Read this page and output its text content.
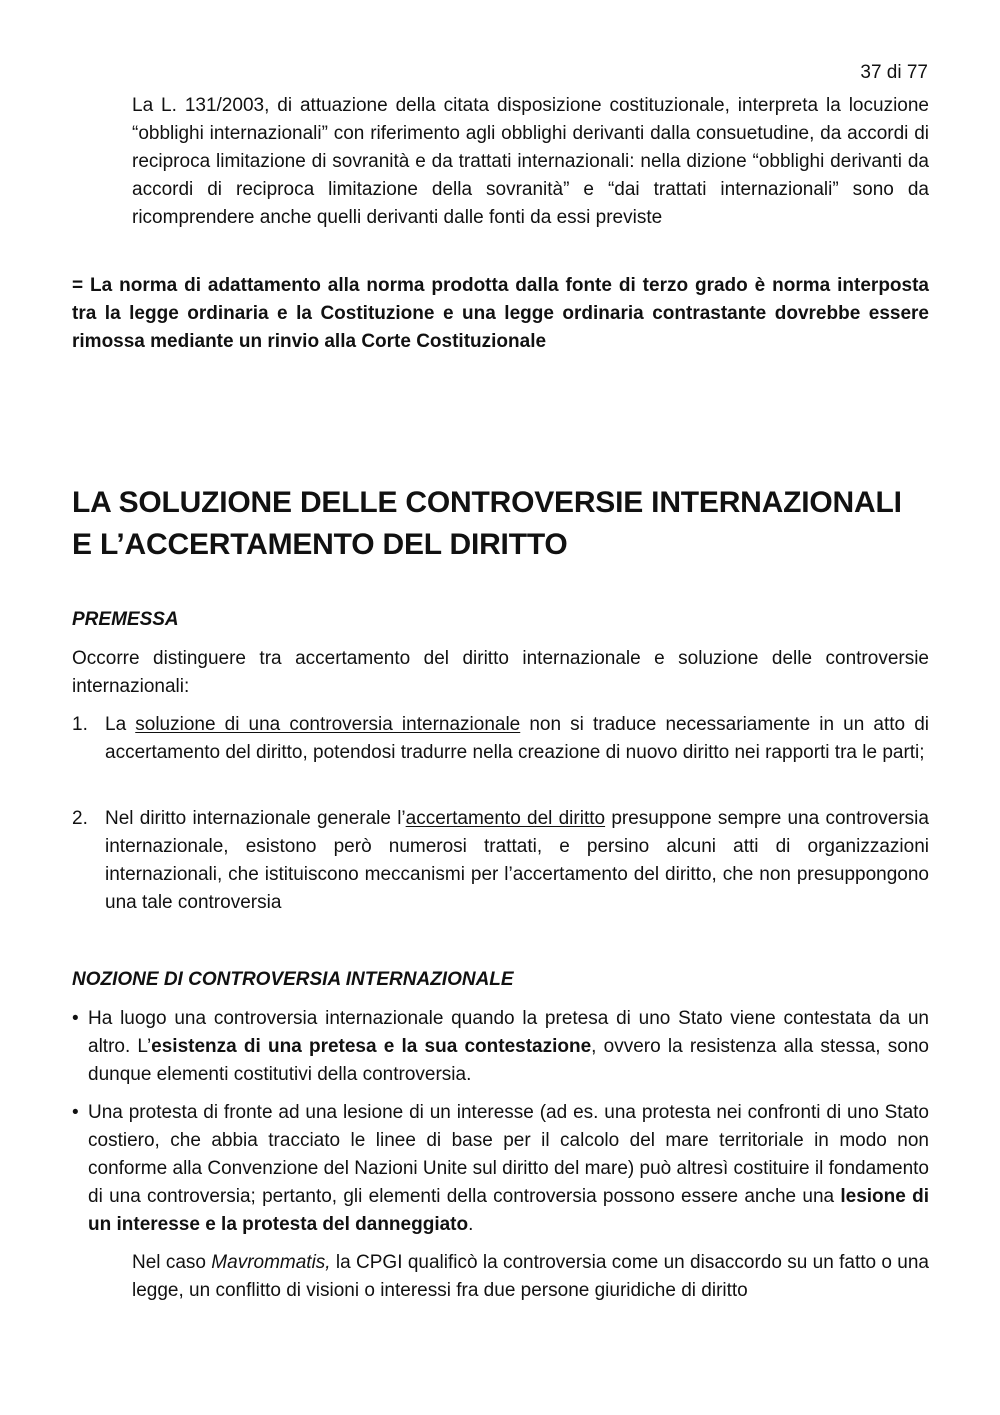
37 di 77
La L. 131/2003, di attuazione della citata disposizione costituzionale, interpreta la locuzione “obblighi internazionali” con riferimento agli obblighi derivanti dalla consuetudine, da accordi di reciproca limitazione di sovranità e da trattati internazionali: nella dizione “obblighi derivanti da accordi di reciproca limitazione della sovranità” e “dai trattati internazionali” sono da ricomprendere anche quelli derivanti dalle fonti da essi previste
= La norma di adattamento alla norma prodotta dalla fonte di terzo grado è norma interposta tra la legge ordinaria e la Costituzione e una legge ordinaria contrastante dovrebbe essere rimossa mediante un rinvio alla Corte Costituzionale
LA SOLUZIONE DELLE CONTROVERSIE INTERNAZIONALI
E L’ACCERTAMENTO DEL DIRITTO
PREMESSA
Occorre distinguere tra accertamento del diritto internazionale e soluzione delle controversie internazionali:
1. La soluzione di una controversia internazionale non si traduce necessariamente in un atto di accertamento del diritto, potendosi tradurre nella creazione di nuovo diritto nei rapporti tra le parti;
2. Nel diritto internazionale generale l’accertamento del diritto presuppone sempre una controversia internazionale, esistono però numerosi trattati, e persino alcuni atti di organizzazioni internazionali, che istituiscono meccanismi per l’accertamento del diritto, che non presuppongono una tale controversia
NOZIONE DI CONTROVERSIA INTERNAZIONALE
• Ha luogo una controversia internazionale quando la pretesa di uno Stato viene contestata da un altro. L’esistenza di una pretesa e la sua contestazione, ovvero la resistenza alla stessa, sono dunque elementi costitutivi della controversia.
• Una protesta di fronte ad una lesione di un interesse (ad es. una protesta nei confronti di uno Stato costiero, che abbia tracciato le linee di base per il calcolo del mare territoriale in modo non conforme alla Convenzione del Nazioni Unite sul diritto del mare) può altresì costituire il fondamento di una controversia; pertanto, gli elementi della controversia possono essere anche una lesione di un interesse e la protesta del danneggiato.
Nel caso Mavrommatis, la CPGI qualificò la controversia come un disaccordo su un fatto o una legge, un conflitto di visioni o interessi fra due persone giuridiche di diritto
